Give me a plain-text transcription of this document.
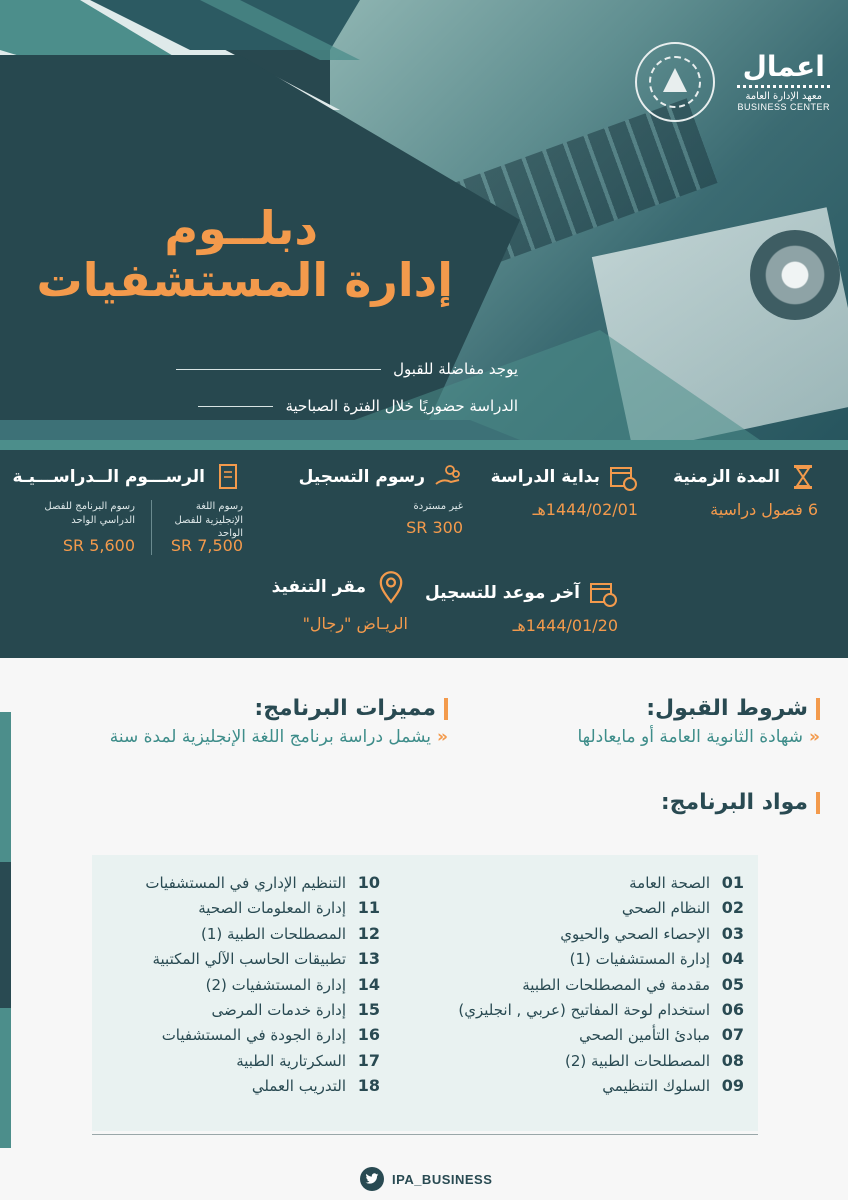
اعمال
معهد الإدارة العامة
BUSINESS CENTER
دبلــوم
إدارة المستشفيات
يوجد مفاضلة للقبول
الدراسة حضوريًا خلال الفترة الصباحية
المدة الزمنية
6 فصول دراسية
بداية الدراسة
1444/02/01هـ
رسوم التسجيل
غير مستردة
300 SR
الرســـوم الــدراســـيـة
رسوم اللغة الإنجليزية للفصل الواحد
7,500 SR
رسوم البرنامج للفصل الدراسي الواحد
5,600 SR
آخر موعد للتسجيل
1444/01/20هـ
مقر التنفيذ
الريـاض "رجال"
شروط القبول:
«شهادة الثانوية العامة أو مايعادلها
مميزات البرنامج:
«يشمل دراسة برنامج اللغة الإنجليزية لمدة سنة
مواد البرنامج:
01
الصحة العامة
02
النظام الصحي
03
الإحصاء الصحي والحيوي
04
إدارة المستشفيات (1)
05
مقدمة في المصطلحات الطبية
06
استخدام لوحة المفاتيح (عربي , انجليزي)
07
مبادئ التأمين الصحي
08
المصطلحات الطبية (2)
09
السلوك التنظيمي
10
التنظيم الإداري في المستشفيات
11
إدارة المعلومات الصحية
12
المصطلحات الطبية (1)
13
تطبيقات الحاسب الآلي المكتبية
14
إدارة المستشفيات (2)
15
إدارة خدمات المرضى
16
إدارة الجودة في المستشفيات
17
السكرتارية الطبية
18
التدريب العملي
IPA_BUSINESS
